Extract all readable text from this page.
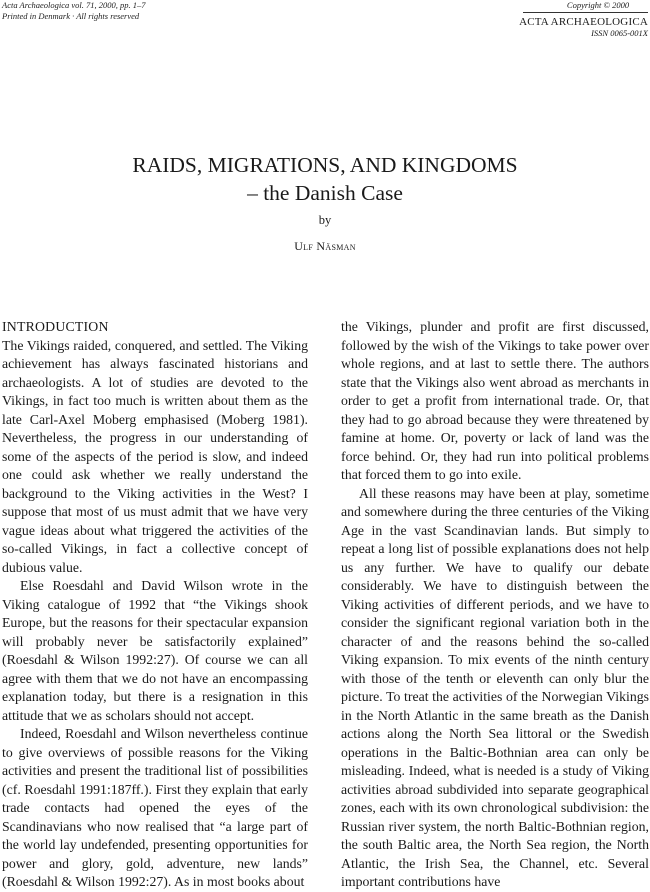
Acta Archaeologica vol. 71, 2000, pp. 1–7
Printed in Denmark · All rights reserved
Copyright © 2000
ACTA ARCHAEOLOGICA
ISSN 0065-001X
RAIDS, MIGRATIONS, AND KINGDOMS
– the Danish Case
by
Ulf Näsman
INTRODUCTION

The Vikings raided, conquered, and settled. The Viking achievement has always fascinated historians and archaeologists. A lot of studies are devoted to the Vikings, in fact too much is written about them as the late Carl-Axel Moberg emphasised (Moberg 1981). Nevertheless, the progress in our understanding of some of the aspects of the period is slow, and indeed one could ask whether we really understand the background to the Viking activities in the West? I suppose that most of us must admit that we have very vague ideas about what triggered the activities of the so-called Vikings, in fact a collective concept of dubious value.

Else Roesdahl and David Wilson wrote in the Viking catalogue of 1992 that “the Vikings shook Europe, but the reasons for their spectacular expansion will probably never be satisfactorily explained” (Roesdahl & Wilson 1992:27). Of course we can all agree with them that we do not have an encompassing explanation today, but there is a resignation in this attitude that we as scholars should not accept.

Indeed, Roesdahl and Wilson nevertheless continue to give overviews of possible reasons for the Viking activities and present the traditional list of possibilities (cf. Roesdahl 1991:187ff.). First they explain that early trade contacts had opened the eyes of the Scandinavians who now realised that “a large part of the world lay undefended, presenting opportunities for power and glory, gold, adventure, new lands” (Roesdahl & Wilson 1992:27). As in most books about

the Vikings, plunder and profit are first discussed, followed by the wish of the Vikings to take power over whole regions, and at last to settle there. The authors state that the Vikings also went abroad as merchants in order to get a profit from international trade. Or, that they had to go abroad because they were threatened by famine at home. Or, poverty or lack of land was the force behind. Or, they had run into political problems that forced them to go into exile.

All these reasons may have been at play, sometime and somewhere during the three centuries of the Viking Age in the vast Scandinavian lands. But simply to repeat a long list of possible explanations does not help us any further. We have to qualify our debate considerably. We have to distinguish between the Viking activities of different periods, and we have to consider the significant regional variation both in the character of and the reasons behind the so-called Viking expansion. To mix events of the ninth century with those of the tenth or eleventh can only blur the picture. To treat the activities of the Norwegian Vikings in the North Atlantic in the same breath as the Danish actions along the North Sea littoral or the Swedish operations in the Baltic-Bothnian area can only be misleading. Indeed, what is needed is a study of Viking activities abroad subdivided into separate geographical zones, each with its own chronological subdivision: the Russian river system, the north Baltic-Bothnian region, the south Baltic area, the North Sea region, the North Atlantic, the Irish Sea, the Channel, etc. Several important contributions have
